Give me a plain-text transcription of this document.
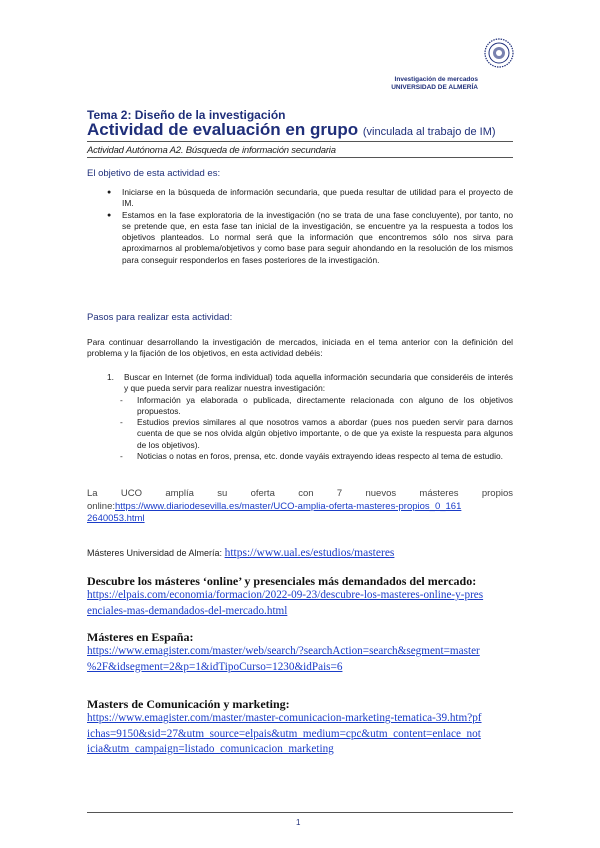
Investigación de mercados
UNIVERSIDAD DE ALMERÍA
Tema 2: Diseño de la investigación
Actividad de evaluación en grupo (vinculada al trabajo de IM)
Actividad Autónoma A2. Búsqueda de información secundaria
El objetivo de esta actividad es:
● Iniciarse en la búsqueda de información secundaria, que pueda resultar de utilidad para el proyecto de IM.
● Estamos en la fase exploratoria de la investigación (no se trata de una fase concluyente), por tanto, no se pretende que, en esta fase tan inicial de la investigación, se encuentre ya la respuesta a todos los objetivos planteados. Lo normal será que la información que encontremos sólo nos sirva para aproximarnos al problema/objetivos y como base para seguir ahondando en la resolución de los mismos para conseguir responderlos en fases posteriores de la investigación.
Pasos para realizar esta actividad:
Para continuar desarrollando la investigación de mercados, iniciada en el tema anterior con la definición del problema y la fijación de los objetivos, en esta actividad debéis:
1.	Buscar en Internet (de forma individual) toda aquella información secundaria que consideréis de interés y que pueda servir para realizar nuestra investigación:
- Información ya elaborada o publicada, directamente relacionada con alguno de los objetivos propuestos.
- Estudios previos similares al que nosotros vamos a abordar (pues nos pueden servir para darnos cuenta de que se nos olvida algún objetivo importante, o de que ya existe la respuesta para algunos de los objetivos).
- Noticias o notas en foros, prensa, etc. donde vayáis extrayendo ideas respecto al tema de estudio.
La UCO amplía su oferta con 7 nuevos másteres propios
online:https://www.diariodesevilla.es/master/UCO-amplia-oferta-masteres-propios_0_161
2640053.html
Másteres Universidad de Almería: https://www.ual.es/estudios/masteres
Descubre los másteres ‘online’ y presenciales más demandados del mercado:
https://elpais.com/economia/formacion/2022-09-23/descubre-los-masteres-online-y-pres
enciales-mas-demandados-del-mercado.html
Másteres en España:
https://www.emagister.com/master/web/search/?searchAction=search&segment=master
%2F&idsegment=2&p=1&idTipoCurso=1230&idPais=6
Masters de Comunicación y marketing:
https://www.emagister.com/master/master-comunicacion-marketing-tematica-39.htm?pf
ichas=9150&sid=27&utm_source=elpais&utm_medium=cpc&utm_content=enlace_not
icia&utm_campaign=listado_comunicacion_marketing
1
